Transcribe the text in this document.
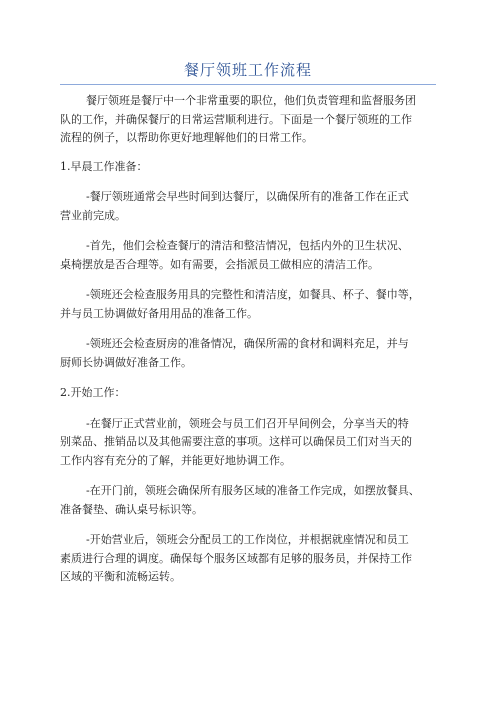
餐厅领班工作流程
餐厅领班是餐厅中一个非常重要的职位，他们负责管理和监督服务团
队的工作，并确保餐厅的日常运营顺利进行。下面是一个餐厅领班的工作
流程的例子，以帮助你更好地理解他们的日常工作。
1.早晨工作准备：
-餐厅领班通常会早些时间到达餐厅，以确保所有的准备工作在正式
营业前完成。
-首先，他们会检查餐厅的清洁和整洁情况，包括内外的卫生状况、
桌椅摆放是否合理等。如有需要，会指派员工做相应的清洁工作。
-领班还会检查服务用具的完整性和清洁度，如餐具、杯子、餐巾等，
并与员工协调做好备用用品的准备工作。
-领班还会检查厨房的准备情况，确保所需的食材和调料充足，并与
厨师长协调做好准备工作。
2.开始工作：
-在餐厅正式营业前，领班会与员工们召开早间例会，分享当天的特
别菜品、推销品以及其他需要注意的事项。这样可以确保员工们对当天的
工作内容有充分的了解，并能更好地协调工作。
-在开门前，领班会确保所有服务区域的准备工作完成，如摆放餐具、
准备餐垫、确认桌号标识等。
-开始营业后，领班会分配员工的工作岗位，并根据就座情况和员工
素质进行合理的调度。确保每个服务区域都有足够的服务员，并保持工作
区域的平衡和流畅运转。
